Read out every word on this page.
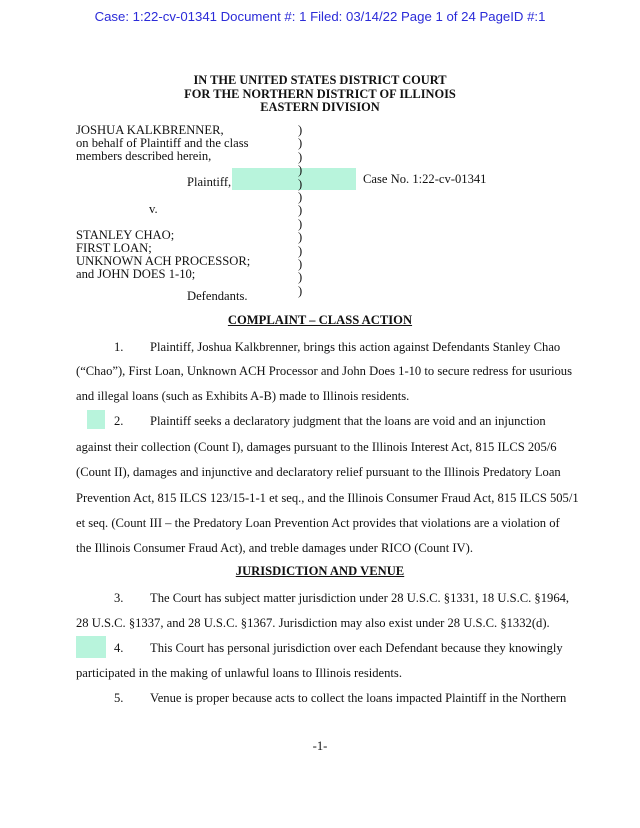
Case: 1:22-cv-01341 Document #: 1 Filed: 03/14/22 Page 1 of 24 PageID #:1
IN THE UNITED STATES DISTRICT COURT
FOR THE NORTHERN DISTRICT OF ILLINOIS
EASTERN DIVISION
JOSHUA KALKBRENNER,
on behalf of Plaintiff and the class
members described herein,
Plaintiff,
v.
STANLEY CHAO;
FIRST LOAN;
UNKNOWN ACH PROCESSOR;
and JOHN DOES 1-10;
Defendants.
Case No. 1:22-cv-01341
)
)
)
)
)
)
)
)
)
)
)
)
)
COMPLAINT – CLASS ACTION
1. Plaintiff, Joshua Kalkbrenner, brings this action against Defendants Stanley Chao
(“Chao”), First Loan, Unknown ACH Processor and John Does 1-10 to secure redress for usurious
and illegal loans (such as Exhibits A-B) made to Illinois residents.
2. Plaintiff seeks a declaratory judgment that the loans are void and an injunction
against their collection (Count I), damages pursuant to the Illinois Interest Act, 815 ILCS 205/6
(Count II), damages and injunctive and declaratory relief pursuant to the Illinois Predatory Loan
Prevention Act, 815 ILCS 123/15-1-1 et seq., and the Illinois Consumer Fraud Act, 815 ILCS 505/1
et seq. (Count III – the Predatory Loan Prevention Act provides that violations are a violation of
the Illinois Consumer Fraud Act), and treble damages under RICO (Count IV).
JURISDICTION AND VENUE
3. The Court has subject matter jurisdiction under 28 U.S.C. §1331, 18 U.S.C. §1964,
28 U.S.C. §1337, and 28 U.S.C. §1367. Jurisdiction may also exist under 28 U.S.C. §1332(d).
4. This Court has personal jurisdiction over each Defendant because they knowingly
participated in the making of unlawful loans to Illinois residents.
5. Venue is proper because acts to collect the loans impacted Plaintiff in the Northern
-1-
